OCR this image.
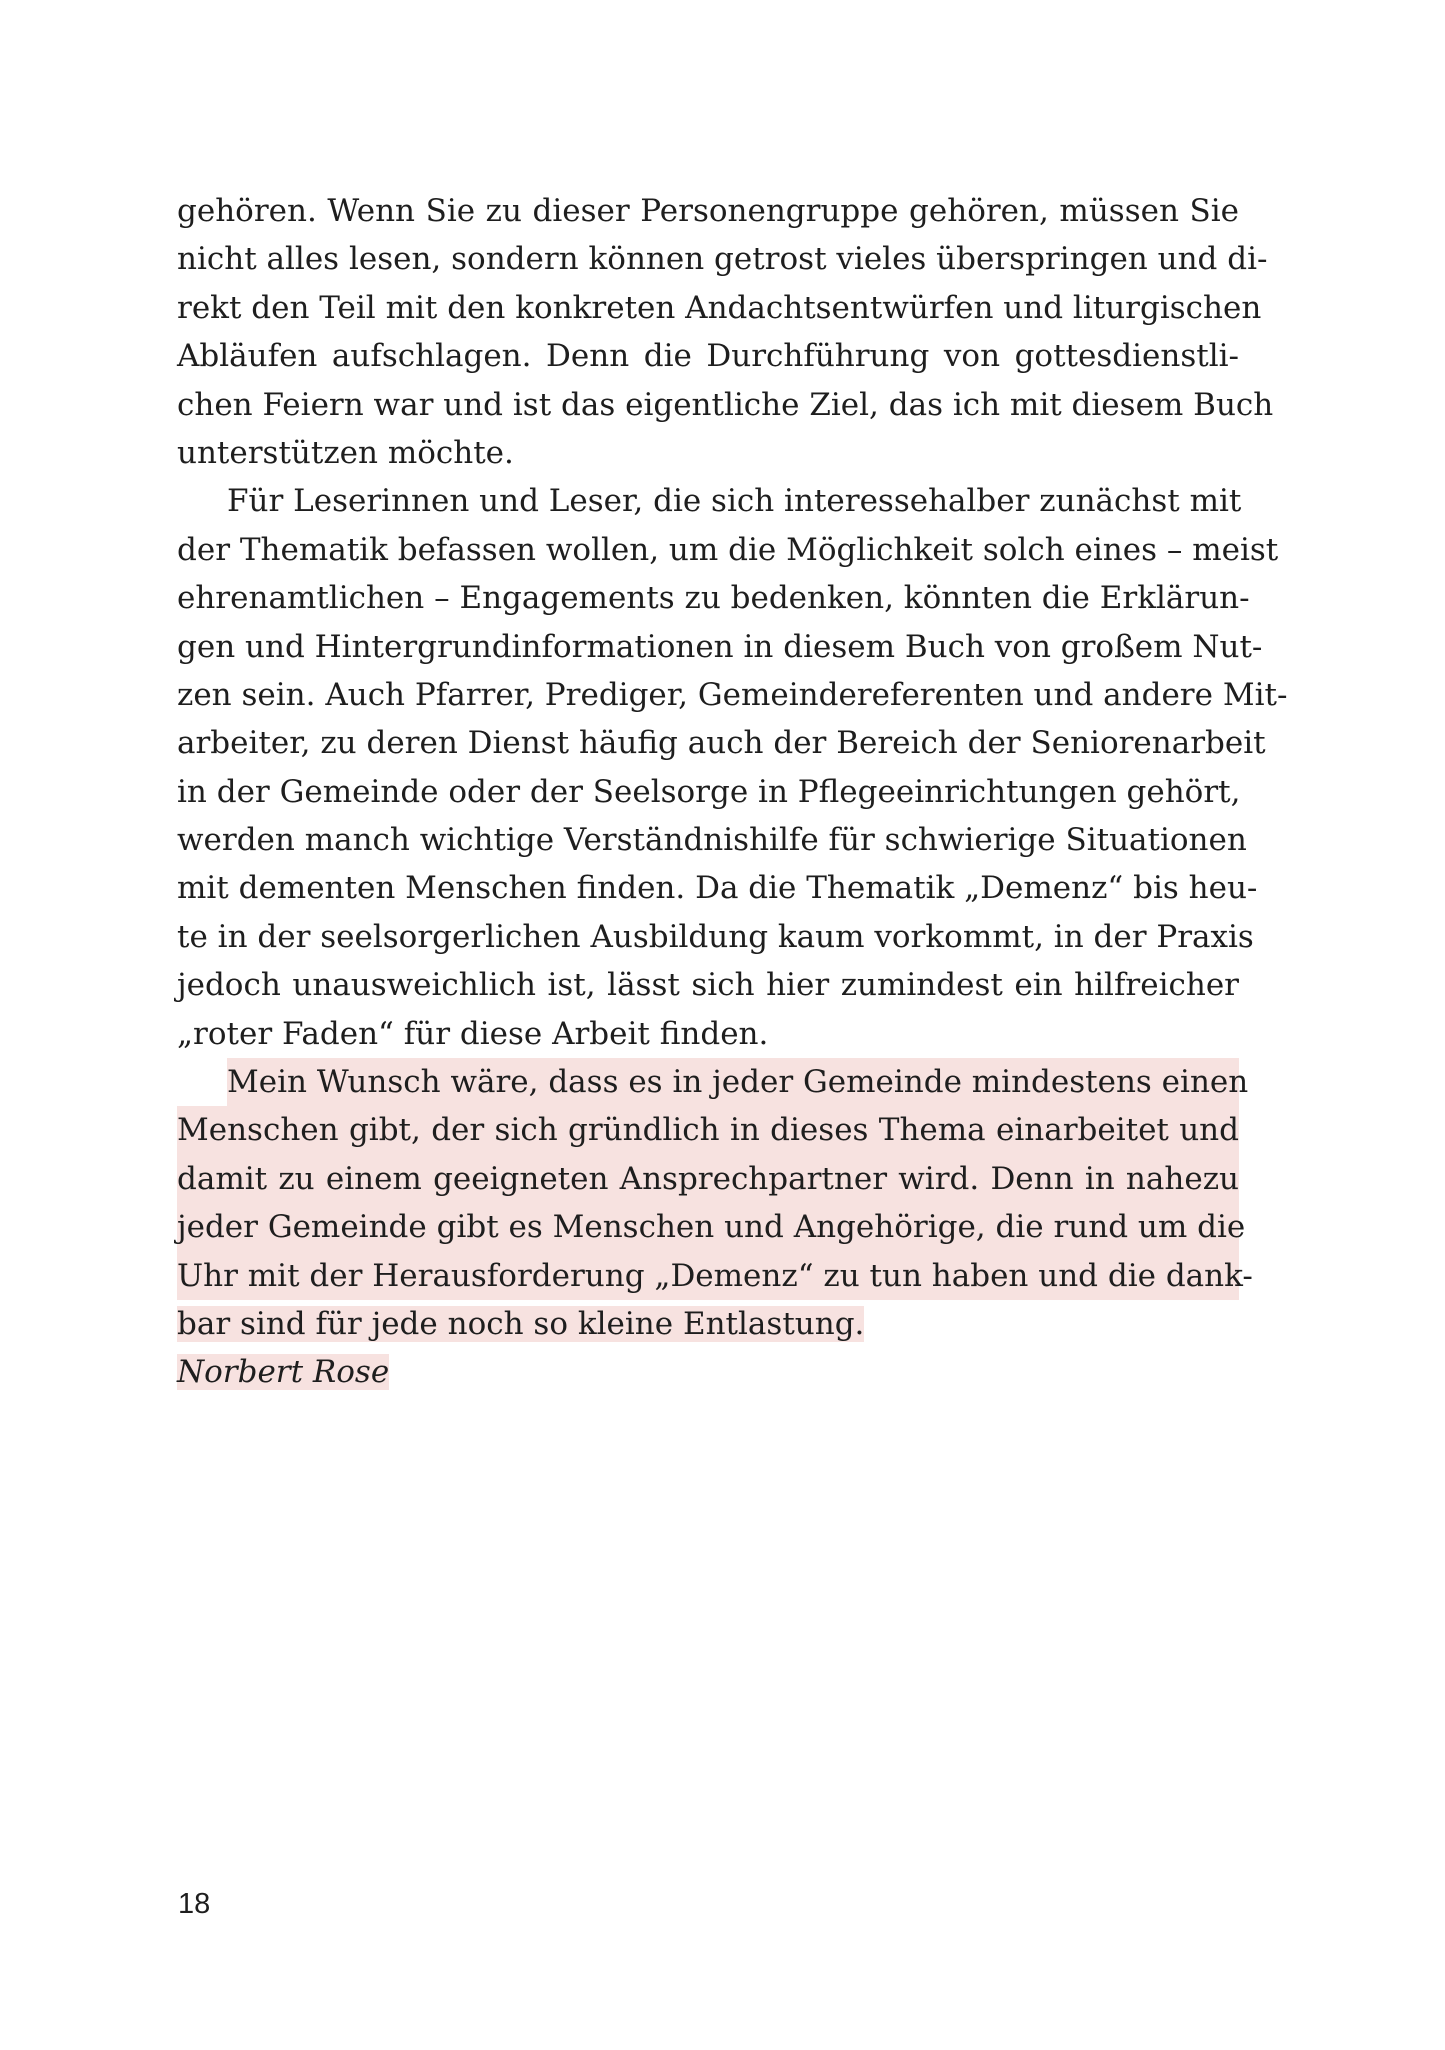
gehören. Wenn Sie zu dieser Personengruppe gehören, müssen Sie
nicht alles lesen, sondern können getrost vieles überspringen und di-
rekt den Teil mit den konkreten Andachtsentwürfen und liturgischen
Abläufen aufschlagen. Denn die Durchführung von gottesdienstli-
chen Feiern war und ist das eigentliche Ziel, das ich mit diesem Buch
unterstützen möchte.
Für Leserinnen und Leser, die sich interessehalber zunächst mit
der Thematik befassen wollen, um die Möglichkeit solch eines – meist
ehrenamtlichen – Engagements zu bedenken, könnten die Erklärun-
gen und Hintergrundinformationen in diesem Buch von großem Nut-
zen sein. Auch Pfarrer, Prediger, Gemeindereferenten und andere Mit-
arbeiter, zu deren Dienst häufig auch der Bereich der Seniorenarbeit
in der Gemeinde oder der Seelsorge in Pflegeeinrichtungen gehört,
werden manch wichtige Verständnishilfe für schwierige Situationen
mit dementen Menschen finden. Da die Thematik „Demenz“ bis heu-
te in der seelsorgerlichen Ausbildung kaum vorkommt, in der Praxis
jedoch unausweichlich ist, lässt sich hier zumindest ein hilfreicher
„roter Faden“ für diese Arbeit finden.
Mein Wunsch wäre, dass es in jeder Gemeinde mindestens einen
Menschen gibt, der sich gründlich in dieses Thema einarbeitet und
damit zu einem geeigneten Ansprechpartner wird. Denn in nahezu
jeder Gemeinde gibt es Menschen und Angehörige, die rund um die
Uhr mit der Herausforderung „Demenz“ zu tun haben und die dank-
bar sind für jede noch so kleine Entlastung.
Norbert Rose
18
